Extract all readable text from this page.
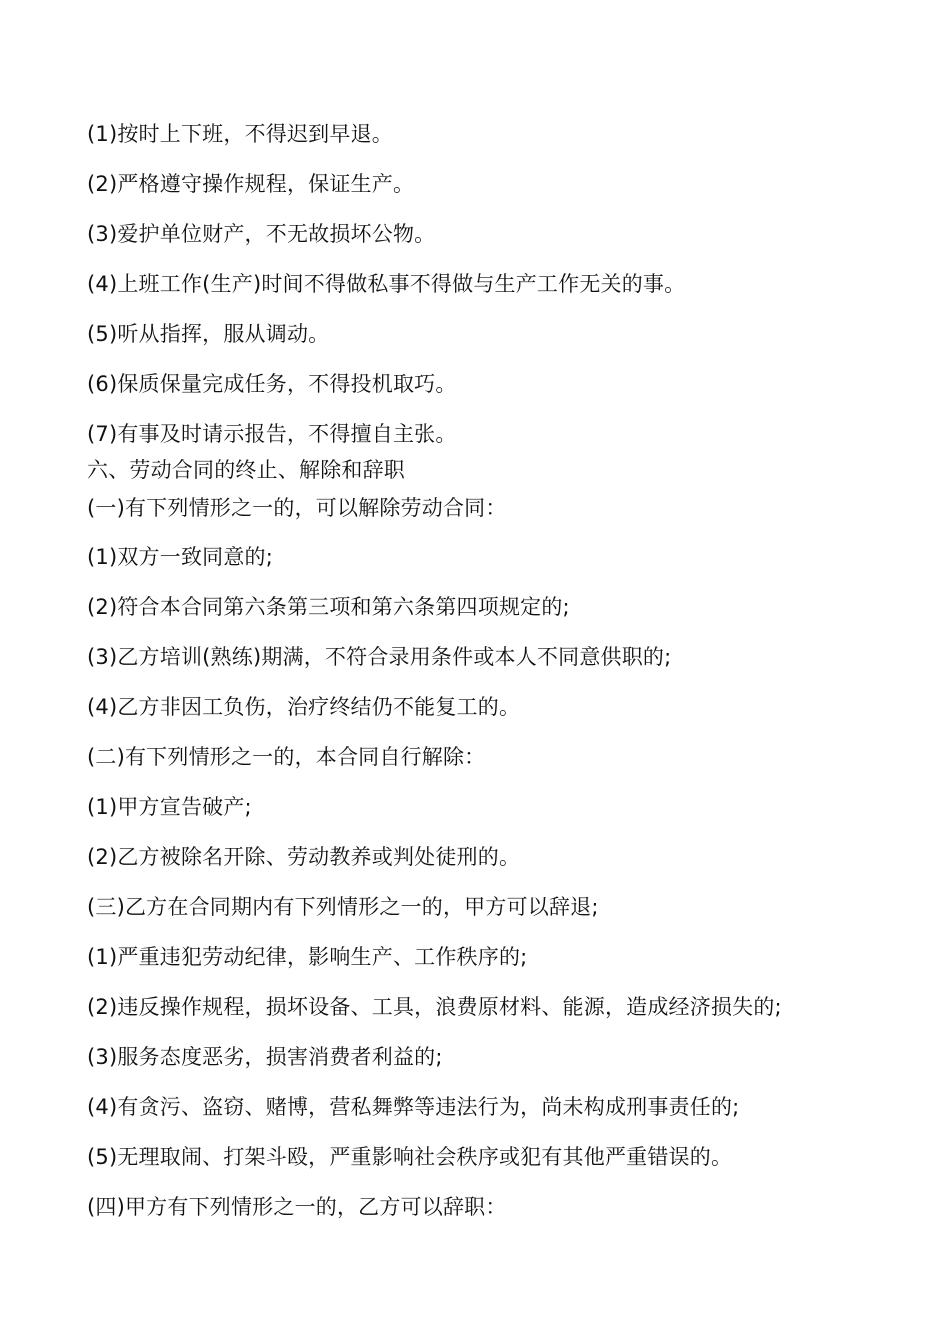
(1)按时上下班，不得迟到早退。
(2)严格遵守操作规程，保证生产。
(3)爱护单位财产，不无故损坏公物。
(4)上班工作(生产)时间不得做私事不得做与生产工作无关的事。
(5)听从指挥，服从调动。
(6)保质保量完成任务，不得投机取巧。
(7)有事及时请示报告，不得擅自主张。
六、劳动合同的终止、解除和辞职
(一)有下列情形之一的，可以解除劳动合同：
(1)双方一致同意的;
(2)符合本合同第六条第三项和第六条第四项规定的;
(3)乙方培训(熟练)期满，不符合录用条件或本人不同意供职的;
(4)乙方非因工负伤，治疗终结仍不能复工的。
(二)有下列情形之一的，本合同自行解除：
(1)甲方宣告破产;
(2)乙方被除名开除、劳动教养或判处徒刑的。
(三)乙方在合同期内有下列情形之一的，甲方可以辞退;
(1)严重违犯劳动纪律，影响生产、工作秩序的;
(2)违反操作规程，损坏设备、工具，浪费原材料、能源，造成经济损失的;
(3)服务态度恶劣，损害消费者利益的;
(4)有贪污、盗窃、赌博，营私舞弊等违法行为，尚未构成刑事责任的;
(5)无理取闹、打架斗殴，严重影响社会秩序或犯有其他严重错误的。
(四)甲方有下列情形之一的，乙方可以辞职：
